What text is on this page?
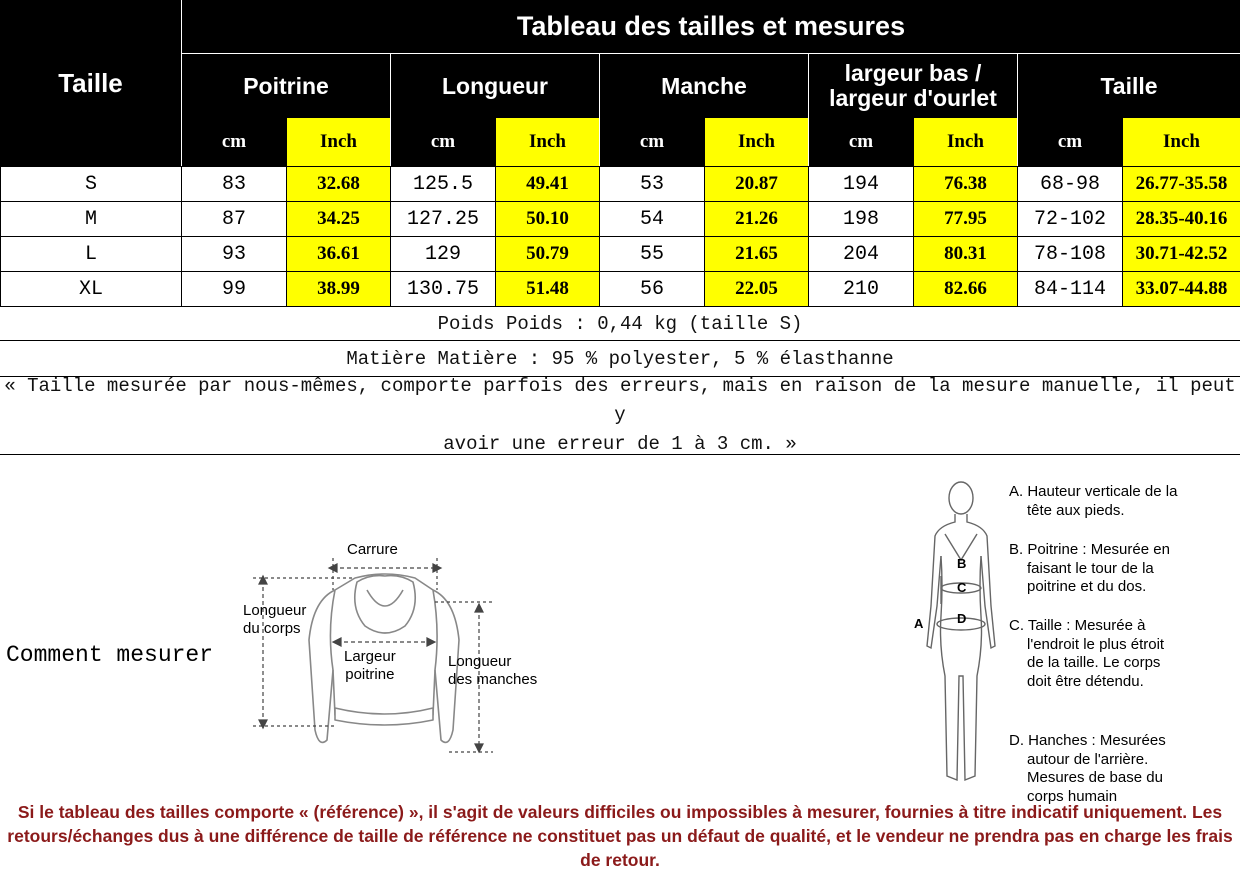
Taille
Tableau des tailles et mesures
Poitrine	Longueur	Manche	largeur bas /
largeur d'ourlet	Taille
cm	Inch	cm	Inch	cm	Inch	cm	Inch	cm	Inch
S	83	32.68	125.5	49.41	53	20.87	194	76.38	68-98	26.77-35.58
M	87	34.25	127.25	50.10	54	21.26	198	77.95	72-102	28.35-40.16
L	93	36.61	129	50.79	55	21.65	204	80.31	78-108	30.71-42.52
XL	99	38.99	130.75	51.48	56	22.05	210	82.66	84-114	33.07-44.88
Poids Poids : 0,44 kg (taille S)
Matière Matière : 95 % polyester, 5 % élasthanne
« Taille mesurée par nous-mêmes, comporte parfois des erreurs, mais en raison de la mesure manuelle, il peut y
avoir une erreur de 1 à 3 cm. »
Comment mesurer
Carrure
Longueur
du corps
Largeur
poitrine
Longueur
des manches
A
B
C
D
A. Hauteur verticale de la
tête aux pieds.
B. Poitrine : Mesurée en
faisant le tour de la
poitrine et du dos.
C. Taille : Mesurée à
l'endroit le plus étroit
de la taille. Le corps
doit être détendu.
D. Hanches : Mesurées
autour de l'arrière.
Mesures de base du
corps humain
Si le tableau des tailles comporte « (référence) », il s'agit de valeurs difficiles ou impossibles à mesurer, fournies à titre indicatif uniquement. Les
retours/échanges dus à une différence de taille de référence ne constituet pas un défaut de qualité, et le vendeur ne prendra pas en charge les frais de retour.
